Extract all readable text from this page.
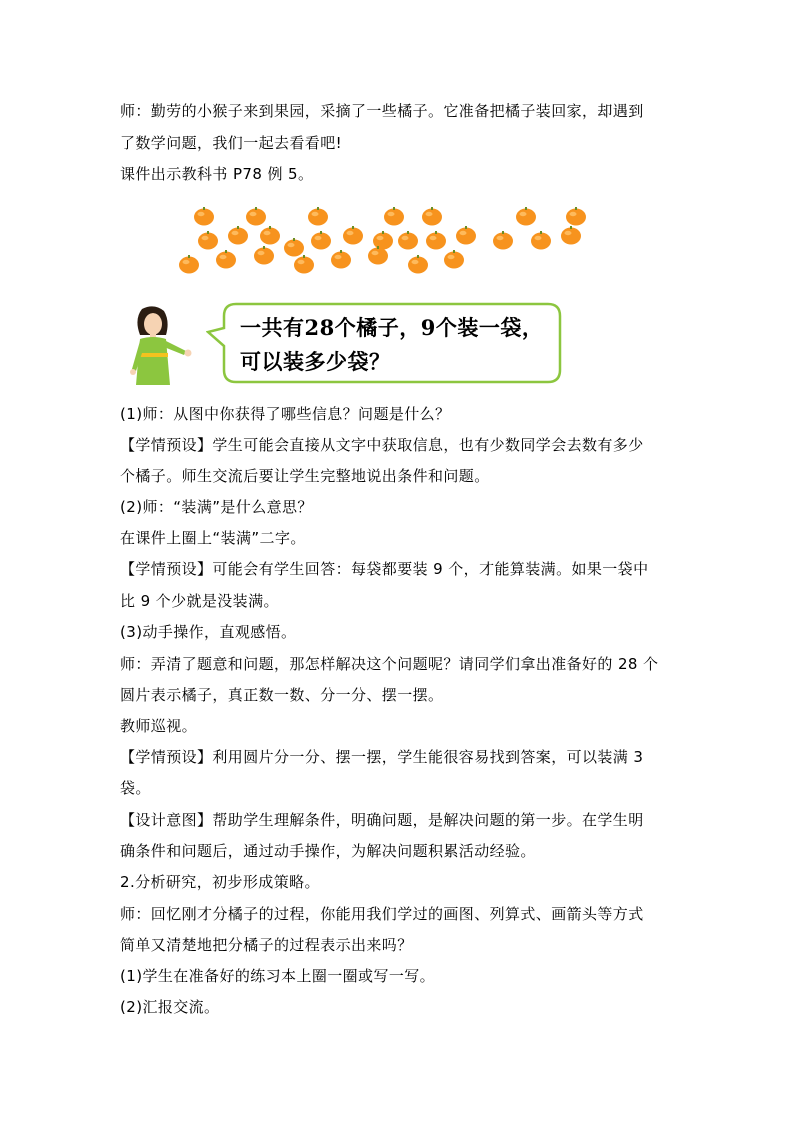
师：勤劳的小猴子来到果园，采摘了一些橘子。它准备把橘子装回家，却遇到
了数学问题，我们一起去看看吧!
课件出示教科书 P78 例 5。
一共有28个橘子，9个装一袋，
可以装多少袋？
(1)师：从图中你获得了哪些信息？问题是什么？
【学情预设】学生可能会直接从文字中获取信息，也有少数同学会去数有多少
个橘子。师生交流后要让学生完整地说出条件和问题。
(2)师：“装满”是什么意思？
在课件上圈上“装满”二字。
【学情预设】可能会有学生回答：每袋都要装 9 个，才能算装满。如果一袋中
比 9 个少就是没装满。
(3)动手操作，直观感悟。
师：弄清了题意和问题，那怎样解决这个问题呢？请同学们拿出准备好的 28 个
圆片表示橘子，真正数一数、分一分、摆一摆。
教师巡视。
【学情预设】利用圆片分一分、摆一摆，学生能很容易找到答案，可以装满 3
袋。
【设计意图】帮助学生理解条件，明确问题，是解决问题的第一步。在学生明
确条件和问题后，通过动手操作，为解决问题积累活动经验。
2.分析研究，初步形成策略。
师：回忆刚才分橘子的过程，你能用我们学过的画图、列算式、画箭头等方式
简单又清楚地把分橘子的过程表示出来吗？
(1)学生在准备好的练习本上圈一圈或写一写。
(2)汇报交流。
